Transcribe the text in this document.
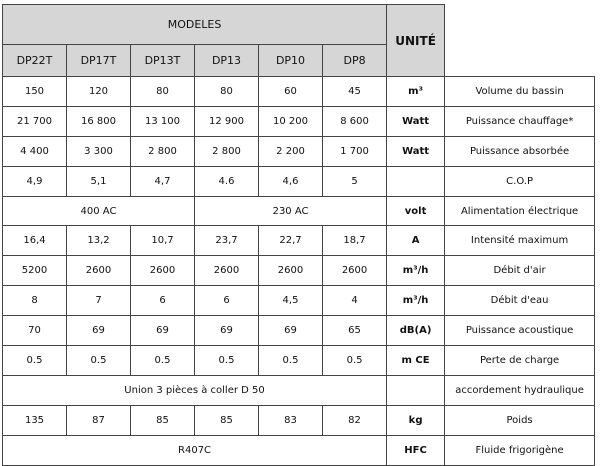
MODELES						UNITÉ	
DP22T	DP17T	DP13T	DP13	DP10	DP8		
150	120	80	80	60	45	m³	Volume du bassin
21 700	16 800	13 100	12 900	10 200	8 600	Watt	Puissance chauffage*
4 400	3 300	2 800	2 800	2 200	1 700	Watt	Puissance absorbée
4,9	5,1	4,7	4.6	4,6	5		C.O.P
400 AC			230 AC			volt	Alimentation électrique
16,4	13,2	10,7	23,7	22,7	18,7	A	Intensité maximum
5200	2600	2600	2600	2600	2600	m³/h	Débit d'air
8	7	6	6	4,5	4	m³/h	Débit d'eau
70	69	69	69	69	65	dB(A)	Puissance acoustique
0.5	0.5	0.5	0.5	0.5	0.5	m CE	Perte de charge
Union 3 pièces à coller D 50							accordement hydraulique
135	87	85	85	83	82	kg	Poids
R407C						HFC	Fluide frigorigène
